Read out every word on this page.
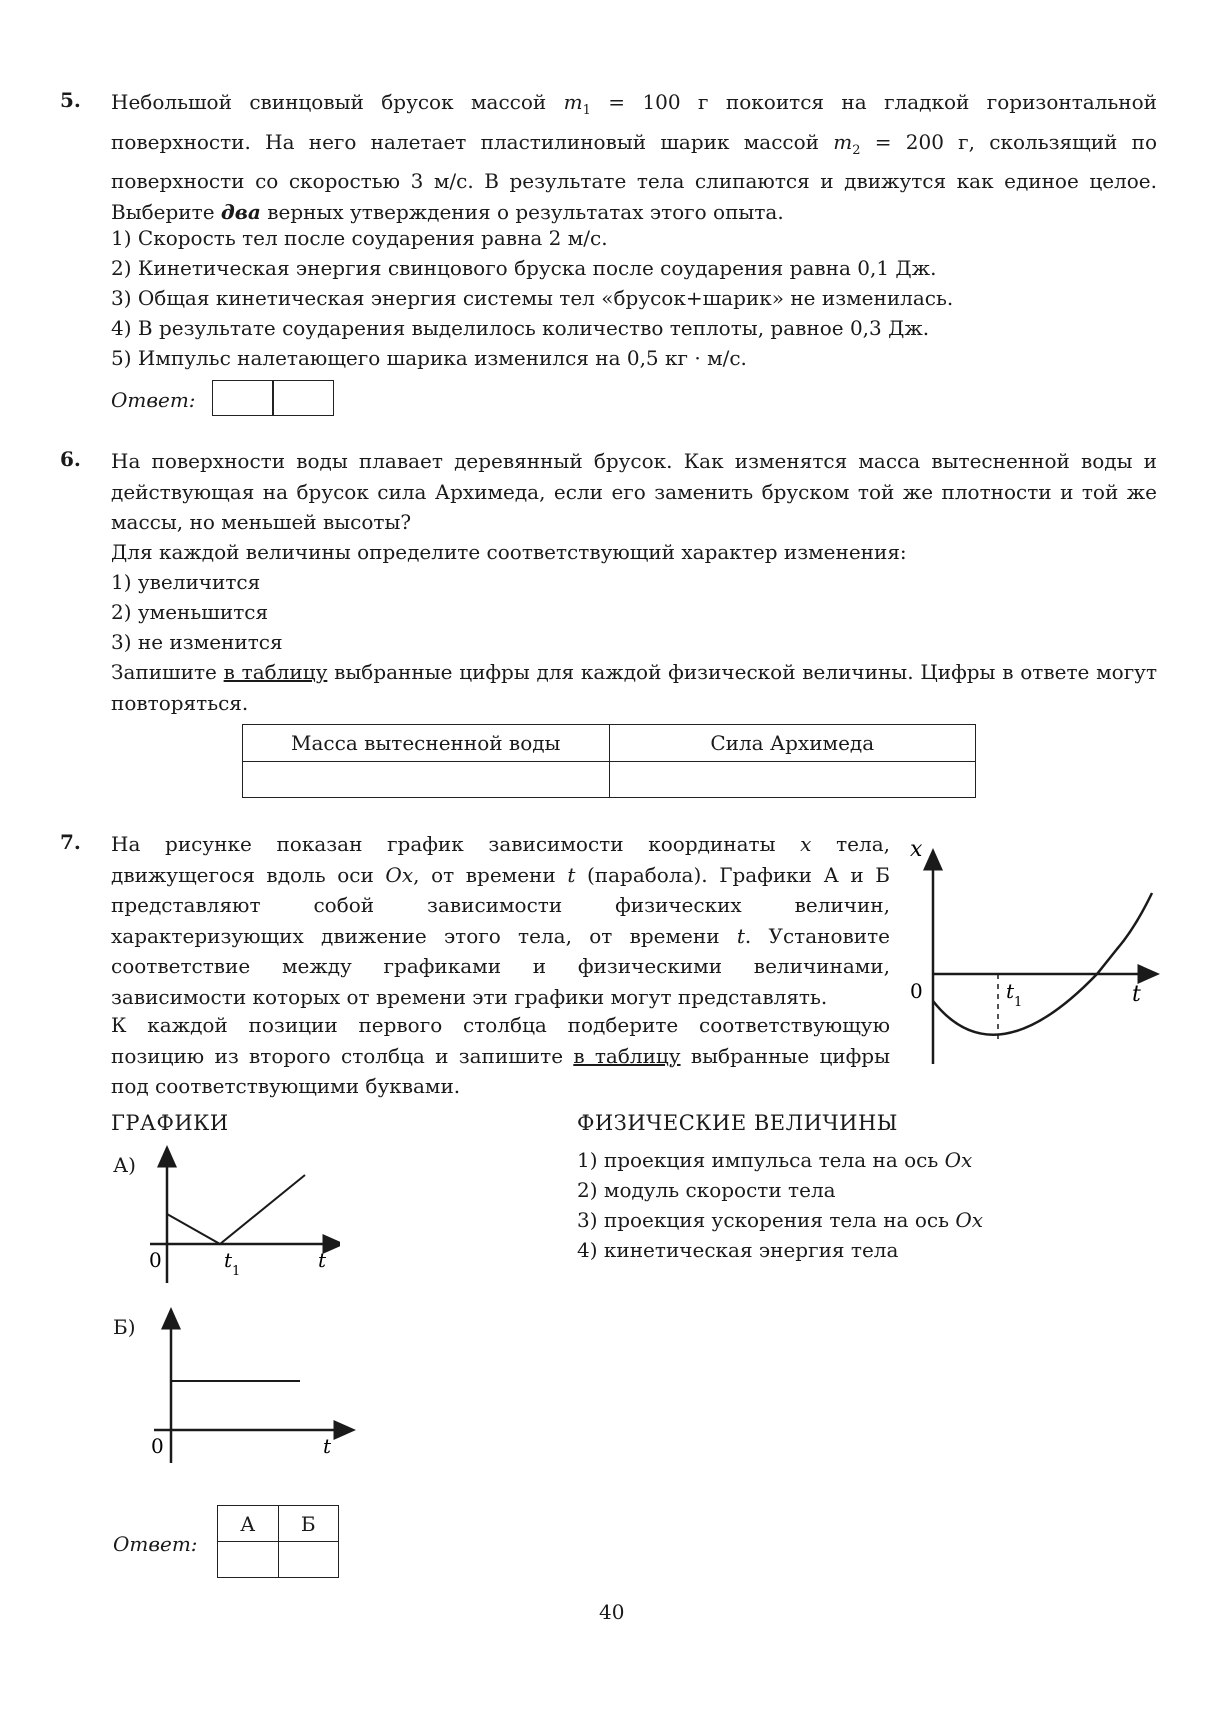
5. Небольшой свинцовый брусок массой $m_1 = 100$ г покоится на гладкой горизонтальной поверхности. На него налетает пластилиновый шарик массой $m_2 = 200$ г, скользящий по поверхности со скоростью 3 м/с. В результате тела слипаются и движутся как единое целое. Выберите два верных утверждения о результатах этого опыта.
1) Скорость тел после соударения равна 2 м/с.
2) Кинетическая энергия свинцового бруска после соударения равна 0,1 Дж.
3) Общая кинетическая энергия системы тел «брусок+шарик» не изменилась.
4) В результате соударения выделилось количество теплоты, равное 0,3 Дж.
5) Импульс налетающего шарика изменился на 0,5 кг · м/с.
Ответ:
6. На поверхности воды плавает деревянный брусок. Как изменятся масса вытесненной воды и действующая на брусок сила Архимеда, если его заменить бруском той же плотности и той же массы, но меньшей высоты?
Для каждой величины определите соответствующий характер изменения:
1) увеличится
2) уменьшится
3) не изменится
Запишите в таблицу выбранные цифры для каждой физической величины. Цифры в ответе могут повторяться.
Масса вытесненной воды	Сила Архимеда

7. На рисунке показан график зависимости координаты x тела, движущегося вдоль оси Ox, от времени t (парабола). Графики А и Б представляют собой зависимости физических величин, характеризующих движение этого тела, от времени t. Установите соответствие между графиками и физическими величинами, зависимости которых от времени эти графики могут представлять.
К каждой позиции первого столбца подберите соответствующую позицию из второго столбца и запишите в таблицу выбранные цифры под соответствующими буквами.
x
t
0	t 1
ГРАФИКИ	ФИЗИЧЕСКИЕ ВЕЛИЧИНЫ
А)
0	t 1	t
Б)
0	t
1) проекция импульса тела на ось Ox
2) модуль скорости тела
3) проекция ускорения тела на ось Ox
4) кинетическая энергия тела
Ответ:
А	Б

40
